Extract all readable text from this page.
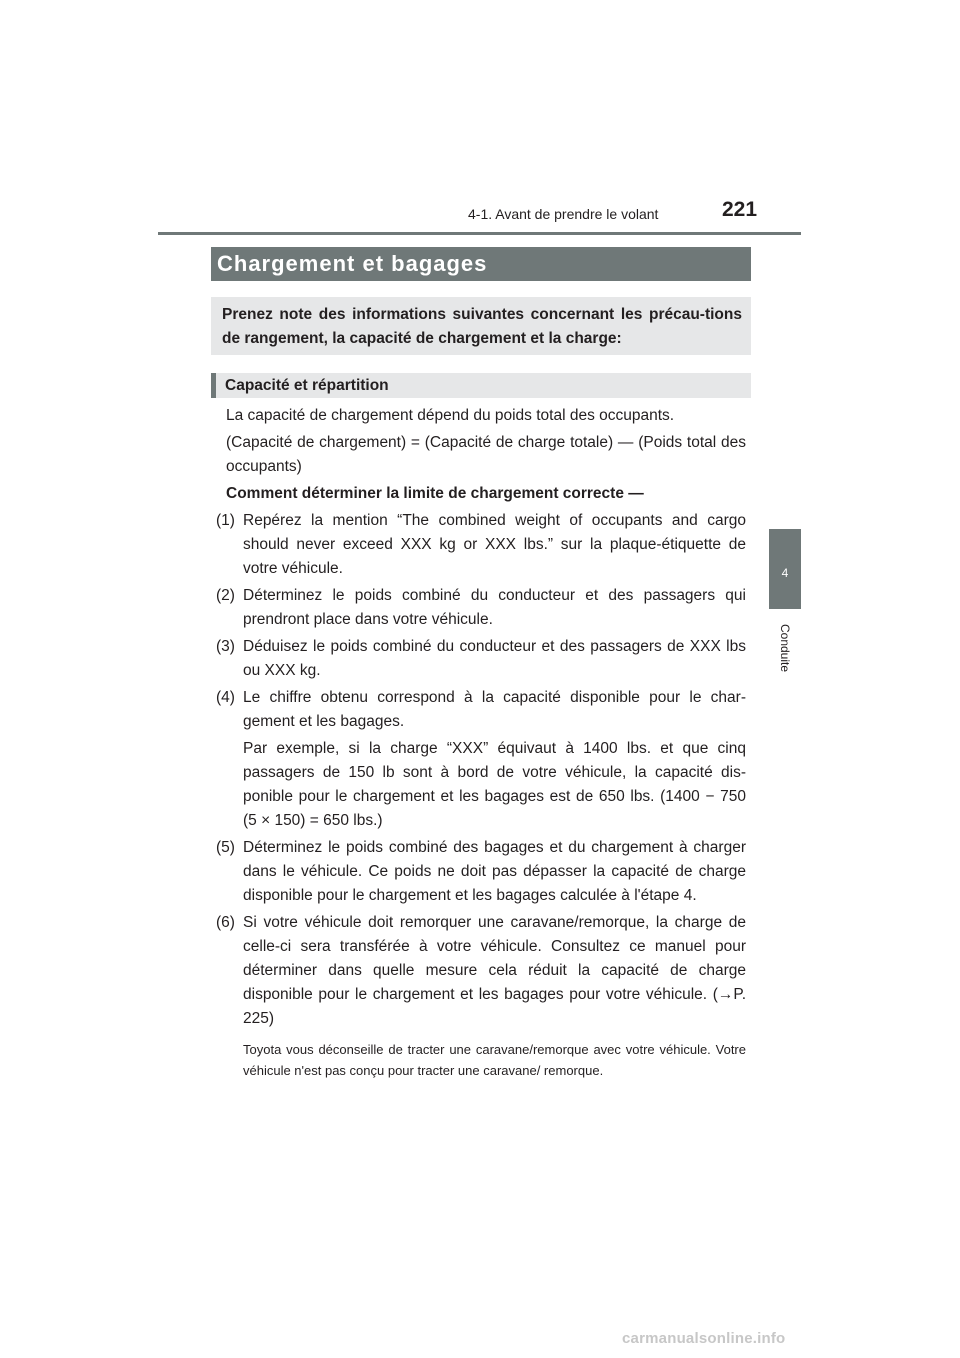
4-1. Avant de prendre le volant	221
4
Conduite
Chargement et bagages
Prenez note des informations suivantes concernant les précau-tions de rangement, la capacité de chargement et la charge:
Capacité et répartition

La capacité de chargement dépend du poids total des occupants.

(Capacité de chargement) = (Capacité de charge totale) — (Poids total des occupants)

Comment déterminer la limite de chargement correcte —

(1) Repérez la mention “The combined weight of occupants and cargo should never exceed XXX kg or XXX lbs.” sur la plaque-étiquette de votre véhicule.
(2) Déterminez le poids combiné du conducteur et des passagers qui prendront place dans votre véhicule.
(3) Déduisez le poids combiné du conducteur et des passagers de XXX lbs ou XXX kg.
(4) Le chiffre obtenu correspond à la capacité disponible pour le char-gement et les bagages.

Par exemple, si la charge “XXX” équivaut à 1400 lbs. et que cinq passagers de 150 lb sont à bord de votre véhicule, la capacité dis-ponible pour le chargement et les bagages est de 650 lbs. (1400 − 750 (5 × 150) = 650 lbs.)

(5) Déterminez le poids combiné des bagages et du chargement à charger dans le véhicule. Ce poids ne doit pas dépasser la capacité de charge disponible pour le chargement et les bagages calculée à l'étape 4.
(6) Si votre véhicule doit remorquer une caravane/remorque, la charge de celle-ci sera transférée à votre véhicule. Consultez ce manuel pour déterminer dans quelle mesure cela réduit la capacité de charge disponible pour le chargement et les bagages pour votre véhicule. (→P. 225)

Toyota vous déconseille de tracter une caravane/remorque avec votre véhicule. Votre véhicule n'est pas conçu pour tracter une caravane/ remorque.

carmanualsonline.info
